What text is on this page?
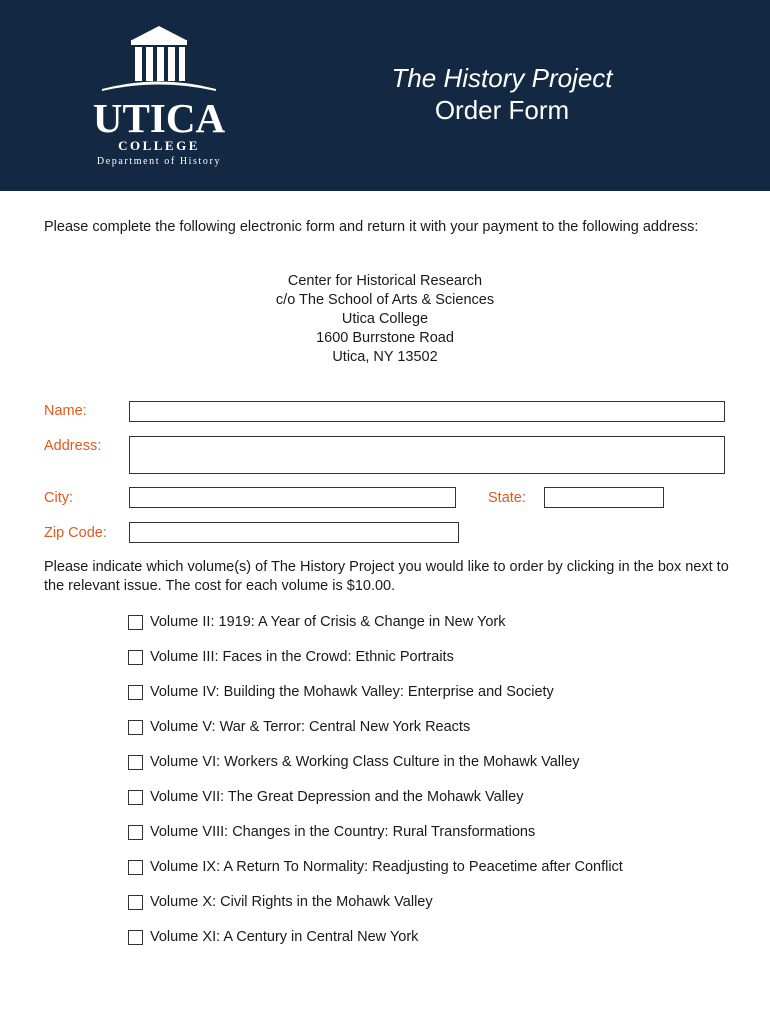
UTICA
COLLEGE
Department of History
The History Project
Order Form
Please complete the following electronic form and return it with your payment to the following address:
Center for Historical Research
c/o The School of Arts & Sciences
Utica College
1600 Burrstone Road
Utica, NY 13502
Name:
Address:
City:	State:
Zip Code:
Please indicate which volume(s) of The History Project you would like to order by clicking in the box next to the relevant issue. The cost for each volume is $10.00.
Volume II: 1919: A Year of Crisis & Change in New York
Volume III: Faces in the Crowd: Ethnic Portraits
Volume IV: Building the Mohawk Valley: Enterprise and Society
Volume V: War & Terror: Central New York Reacts
Volume VI: Workers & Working Class Culture in the Mohawk Valley
Volume VII: The Great Depression and the Mohawk Valley
Volume VIII: Changes in the Country: Rural Transformations
Volume IX: A Return To Normality: Readjusting to Peacetime after Conflict
Volume X: Civil Rights in the Mohawk Valley
Volume XI: A Century in Central New York
